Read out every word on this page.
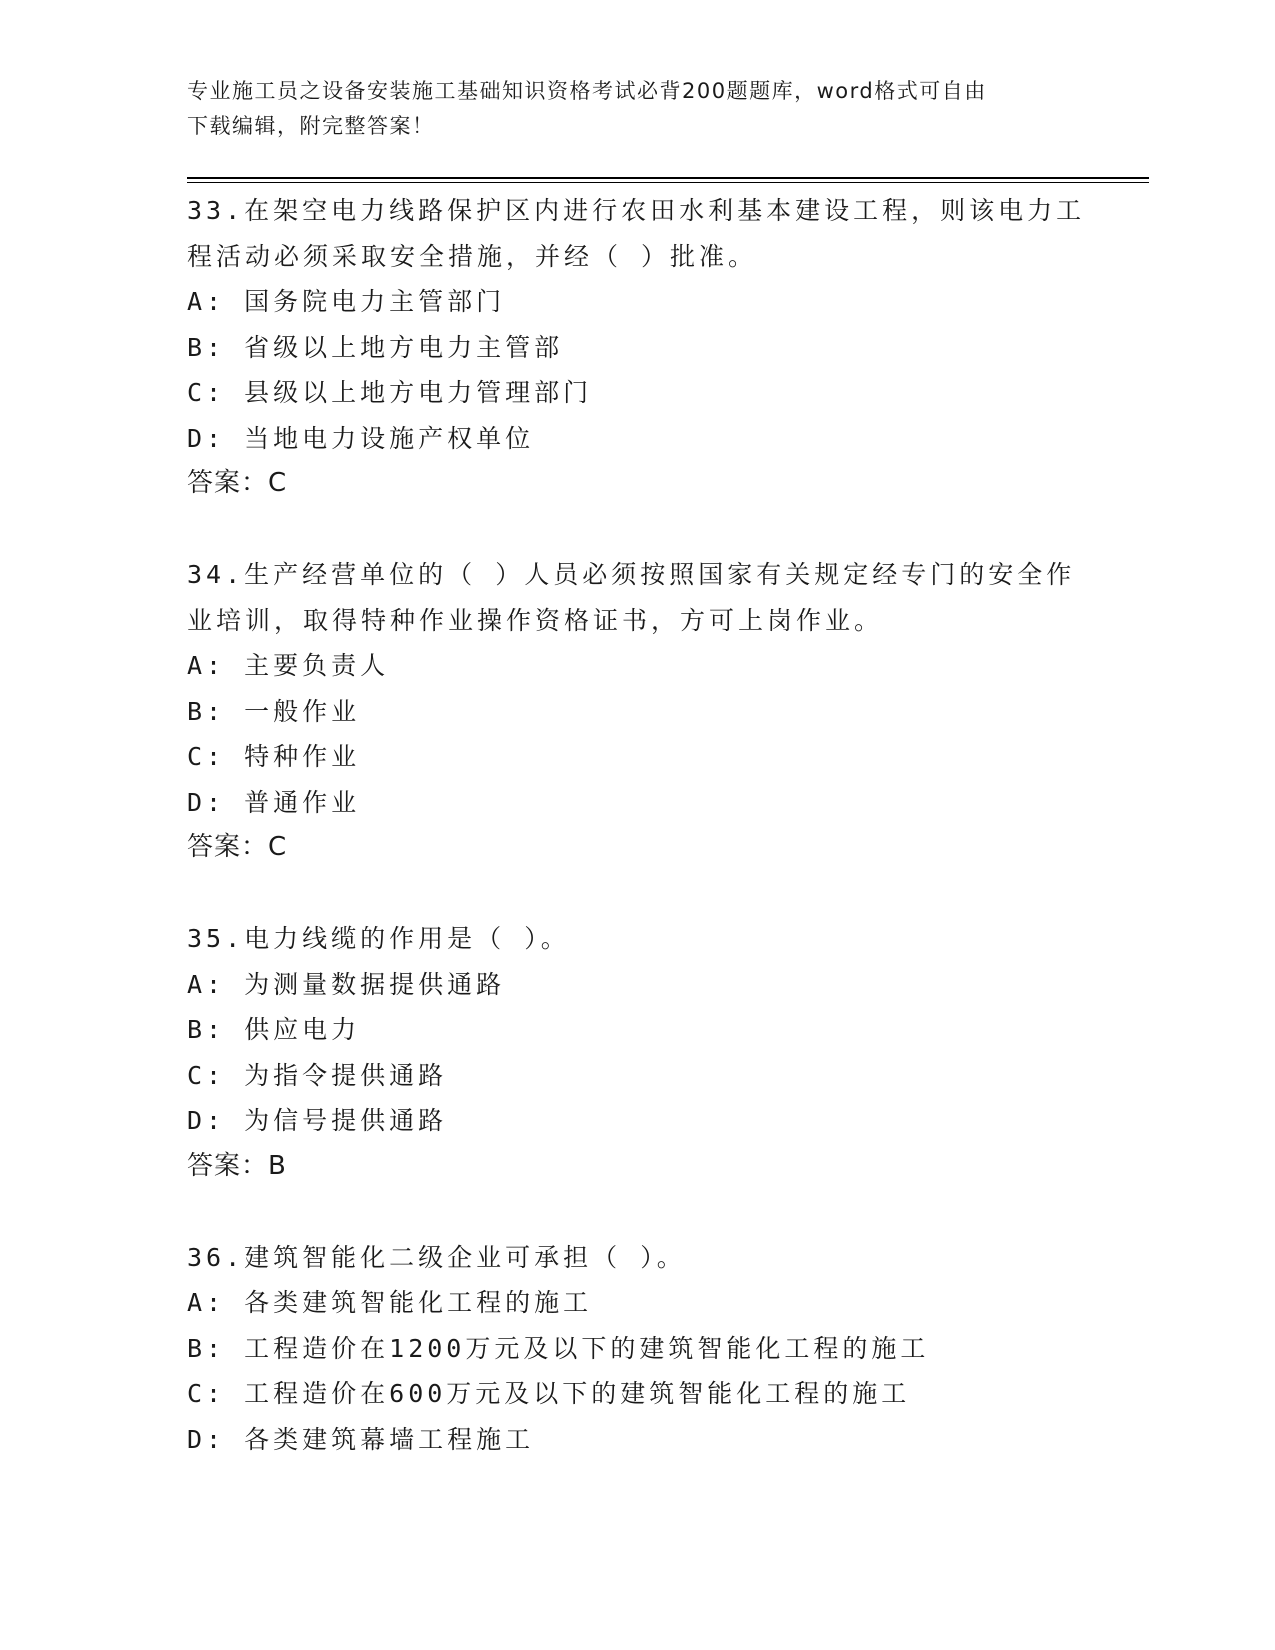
专业施工员之设备安装施工基础知识资格考试必背200题题库，word格式可自由
下载编辑，附完整答案！
33.在架空电力线路保护区内进行农田水利基本建设工程，则该电力工
程活动必须采取安全措施，并经（ ）批准。
A: 国务院电力主管部门
B: 省级以上地方电力主管部
C: 县级以上地方电力管理部门
D: 当地电力设施产权单位
答案：C
34.生产经营单位的（ ）人员必须按照国家有关规定经专门的安全作
业培训，取得特种作业操作资格证书，方可上岗作业。
A: 主要负责人
B: 一般作业
C: 特种作业
D: 普通作业
答案：C
35.电力线缆的作用是（ ）。
A: 为测量数据提供通路
B: 供应电力
C: 为指令提供通路
D: 为信号提供通路
答案：B
36.建筑智能化二级企业可承担（ ）。
A: 各类建筑智能化工程的施工
B: 工程造价在1200万元及以下的建筑智能化工程的施工
C: 工程造价在600万元及以下的建筑智能化工程的施工
D: 各类建筑幕墙工程施工
